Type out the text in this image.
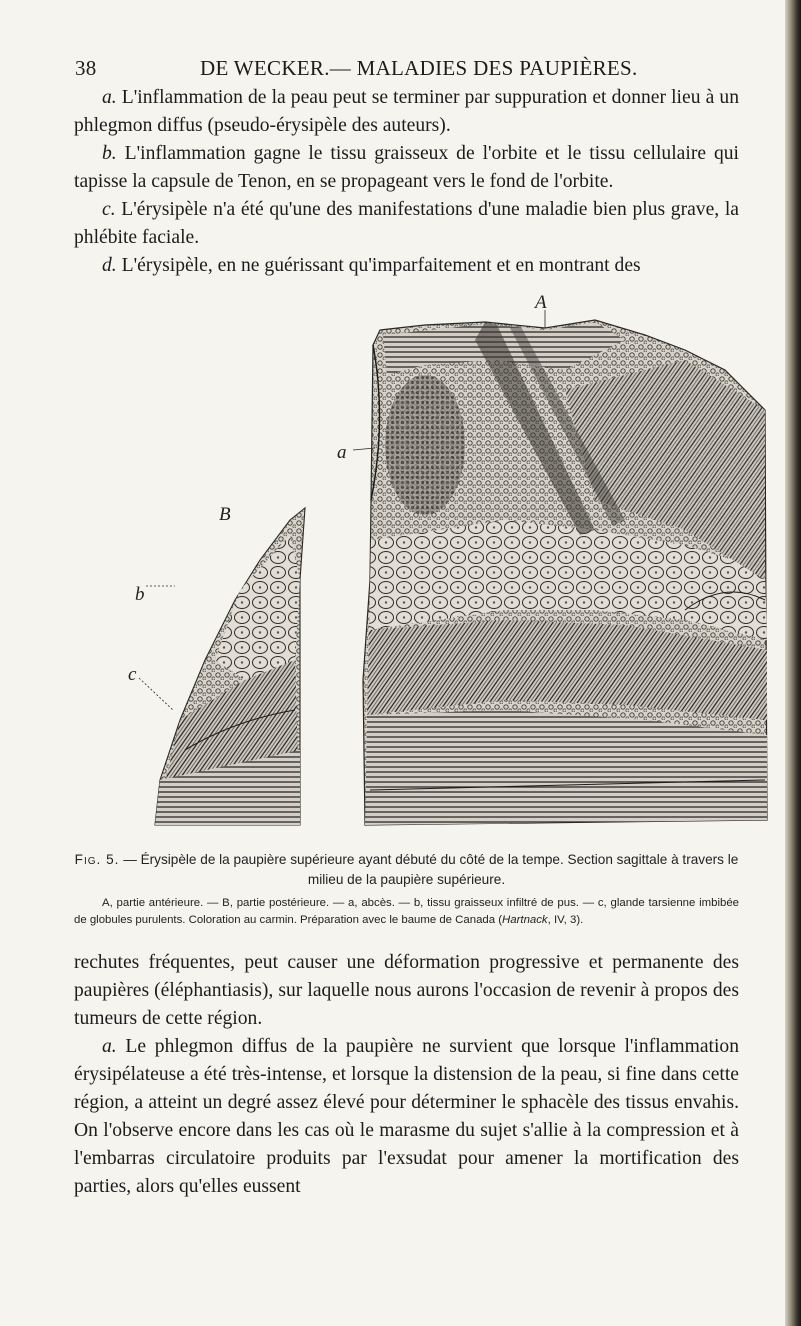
38	DE WECKER.— MALADIES DES PAUPIÈRES.

a. L'inflammation de la peau peut se terminer par suppuration et donner lieu à un phlegmon diffus (pseudo-érysipèle des auteurs).

b. L'inflammation gagne le tissu graisseux de l'orbite et le tissu cellulaire qui tapisse la capsule de Tenon, en se propageant vers le fond de l'orbite.

c. L'érysipèle n'a été qu'une des manifestations d'une maladie bien plus grave, la phlébite faciale.

d. L'érysipèle, en ne guérissant qu'imparfaitement et en montrant des

A
B
a
b
c
Fig. 5. — Érysipèle de la paupière supérieure ayant débuté du côté de la tempe. Section sagittale à travers le milieu de la paupière supérieure.

A, partie antérieure. — B, partie postérieure. — a, abcès. — b, tissu graisseux infiltré de pus. — c, glande tarsienne imbibée de globules purulents. Coloration au carmin. Préparation avec le baume de Canada (Hartnack, IV, 3).

rechutes fréquentes, peut causer une déformation progressive et permanente des paupières (éléphantiasis), sur laquelle nous aurons l'occasion de revenir à propos des tumeurs de cette région.

a. Le phlegmon diffus de la paupière ne survient que lorsque l'inflammation érysipélateuse a été très-intense, et lorsque la distension de la peau, si fine dans cette région, a atteint un degré assez élevé pour déterminer le sphacèle des tissus envahis. On l'observe encore dans les cas où le marasme du sujet s'allie à la compression et à l'embarras circulatoire produits par l'exsudat pour amener la mortification des parties, alors qu'elles eussent
